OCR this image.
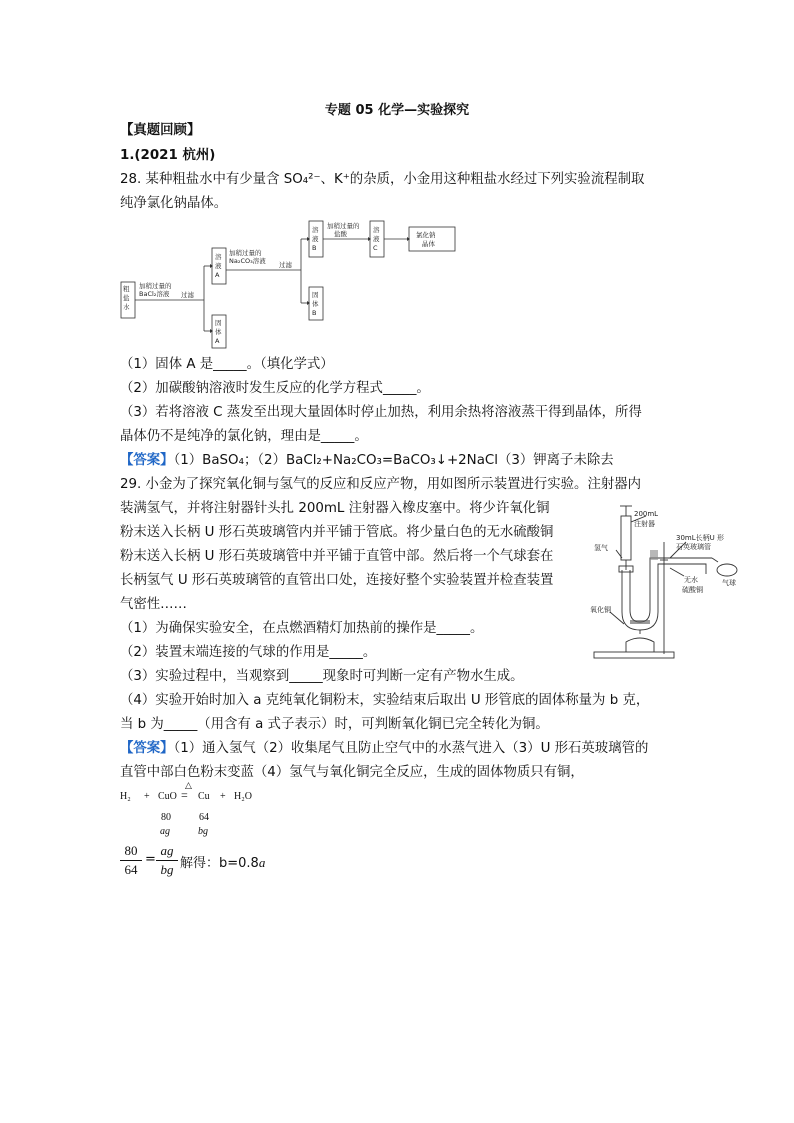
专题 05 化学—实验探究
【真题回顾】
1.(2021 杭州)
28. 某种粗盐水中有少量含 SO₄²⁻、K⁺的杂质，小金用这种粗盐水经过下列实验流程制取
纯净氯化钠晶体。
粗
盐
水
加稍过量的
BaCl₂溶液 过滤
溶
液
A
固
体
A
加稍过量的
Na₂CO₃溶液 过滤
溶
液
B
固
体
B
加稍过量的
盐酸	溶
液
C
氯化钠
晶体
（1）固体 A 是_____。（填化学式）
（2）加碳酸钠溶液时发生反应的化学方程式_____。
（3）若将溶液 C 蒸发至出现大量固体时停止加热，利用余热将溶液蒸干得到晶体，所得
晶体仍不是纯净的氯化钠，理由是_____。
【答案】（1）BaSO₄；（2）BaCl₂+Na₂CO₃=BaCO₃↓+2NaCl（3）钾离子未除去
29. 小金为了探究氧化铜与氢气的反应和反应产物，用如图所示装置进行实验。注射器内
装满氢气，并将注射器针头扎 200mL 注射器入橡皮塞中。将少许氧化铜
粉末送入长柄 U 形石英玻璃管内并平铺于管底。将少量白色的无水硫酸铜
粉末送入长柄 U 形石英玻璃管中并平铺于直管中部。然后将一个气球套在
长柄氢气 U 形石英玻璃管的直管出口处，连接好整个实验装置并检查装置
气密性……
200mL
注射器
30mL长柄U 形
石英玻璃管
氢气
气球
无水
硫酸铜
氧化铜
（1）为确保实验安全，在点燃酒精灯加热前的操作是_____。
（2）装置末端连接的气球的作用是_____。
（3）实验过程中，当观察到_____现象时可判断一定有产物水生成。
（4）实验开始时加入 a 克纯氧化铜粉末，实验结束后取出 U 形管底的固体称量为 b 克，
当 b 为_____（用含有 a 式子表示）时，可判断氧化铜已完全转化为铜。
【答案】（1）通入氢气（2）收集尾气且防止空气中的水蒸气进入（3）U 形石英玻璃管的
直管中部白色粉末变蓝（4）氢气与氧化铜完全反应，生成的固体物质只有铜，
H₂ + CuO
△
= Cu + H₂O
80	64
ag	bg
80
64
=
ag
bg 解得：b=0.8a
